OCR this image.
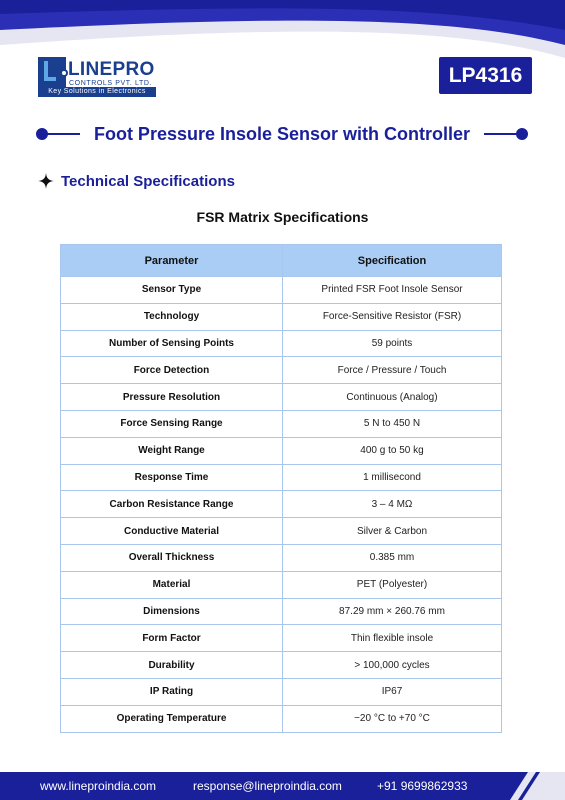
LINEPRO
CONTROLS PVT. LTD.
Key Solutions in Electronics
LP4316
Foot Pressure Insole Sensor with Controller
Technical Specifications
FSR Matrix Specifications
Parameter	Specification
Sensor Type	Printed FSR Foot Insole Sensor
Technology	Force-Sensitive Resistor (FSR)
Number of Sensing Points	59 points
Force Detection	Force / Pressure / Touch
Pressure Resolution	Continuous (Analog)
Force Sensing Range	5 N to 450 N
Weight Range	400 g to 50 kg
Response Time	1 millisecond
Carbon Resistance Range	3 – 4 MΩ
Conductive Material	Silver & Carbon
Overall Thickness	0.385 mm
Material	PET (Polyester)
Dimensions	87.29 mm × 260.76 mm
Form Factor	Thin flexible insole
Durability	> 100,000 cycles
IP Rating	IP67
Operating Temperature	−20 °C to +70 °C
www.lineproindia.com	response@lineproindia.com	+91 9699862933
